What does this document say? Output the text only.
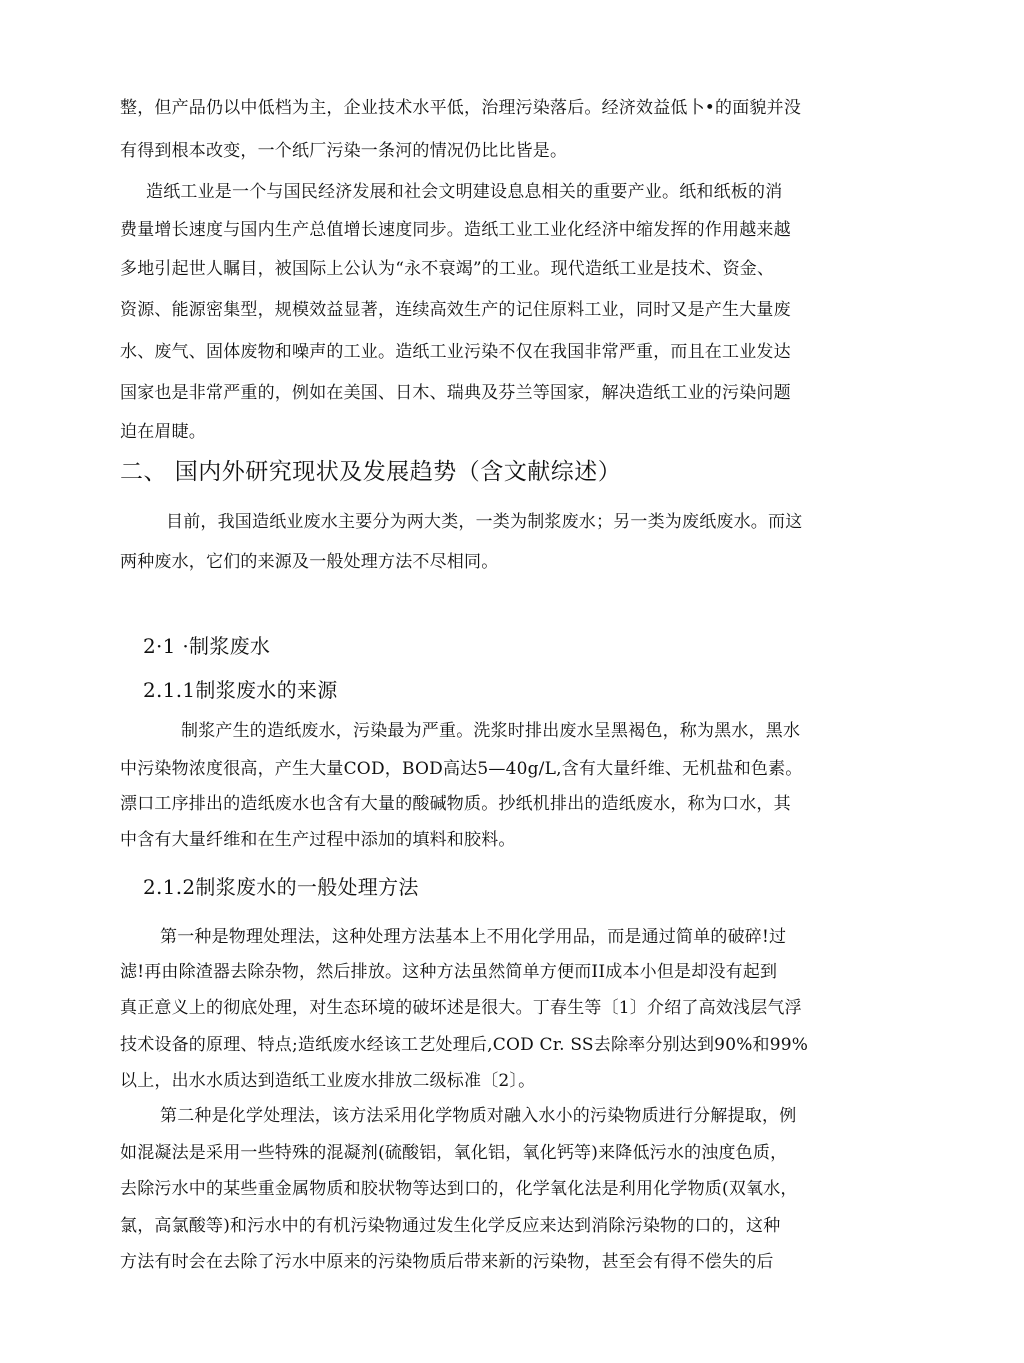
整，但产品仍以中低档为主，企业技术水平低，治理污染落后。经济效益低卜•的面貌并没
有得到根本改变，一个纸厂污染一条河的情况仍比比皆是。
造纸工业是一个与国民经济发展和社会文明建设息息相关的重要产业。纸和纸板的消
费量增长速度与国内生产总值增长速度同步。造纸工业工业化经济中缩发挥的作用越来越
多地引起世人瞩目，被国际上公认为“永不衰竭”的工业。现代造纸工业是技术、资金、
资源、能源密集型，规模效益显著，连续高效生产的记住原料工业，同时又是产生大量废
水、废气、固体废物和噪声的工业。造纸工业污染不仅在我国非常严重，而且在工业发达
国家也是非常严重的，例如在美国、日木、瑞典及芬兰等国家，解决造纸工业的污染问题
迫在眉睫。
二、 国内外研究现状及发展趋势（含文献综述）
目前，我国造纸业废水主要分为两大类，一类为制浆废水；另一类为废纸废水。而这
两种废水，它们的来源及一般处理方法不尽相同。
2·1 ·制浆废水
2.1.1制浆废水的来源
制浆产生的造纸废水，污染最为严重。洗浆时排出废水呈黑褐色，称为黑水，黑水
中污染物浓度很高，产生大量COD，BOD高达5—40g/L,含有大量纤维、无机盐和色素。
漂口工序排出的造纸废水也含有大量的酸碱物质。抄纸机排出的造纸废水，称为口水，其
中含有大量纤维和在生产过程中添加的填料和胶料。
2.1.2制浆废水的一般处理方法
第一种是物理处理法，这种处理方法基本上不用化学用品，而是通过简单的破碎!过
滤!再由除渣器去除杂物，然后排放。这种方法虽然简单方便而II成本小但是却没有起到
真正意义上的彻底处理，对生态环境的破坏述是很大。丁春生等〔1〕介绍了高效浅层气浮
技术设备的原理、特点;造纸废水经该工艺处理后,COD Cr. SS去除率分别达到90%和99%
以上，出水水质达到造纸工业废水排放二级标准〔2〕。
第二种是化学处理法，该方法采用化学物质对融入水小的污染物质进行分解提取，例
如混凝法是采用一些特殊的混凝剂(硫酸铝，氧化铝，氧化钙等)来降低污水的浊度色质，
去除污水中的某些重金属物质和胶状物等达到口的，化学氧化法是利用化学物质(双氧水，
氯，高氯酸等)和污水中的有机污染物通过发生化学反应来达到消除污染物的口的，这种
方法有时会在去除了污水中原来的污染物质后带来新的污染物，甚至会有得不偿失的后
